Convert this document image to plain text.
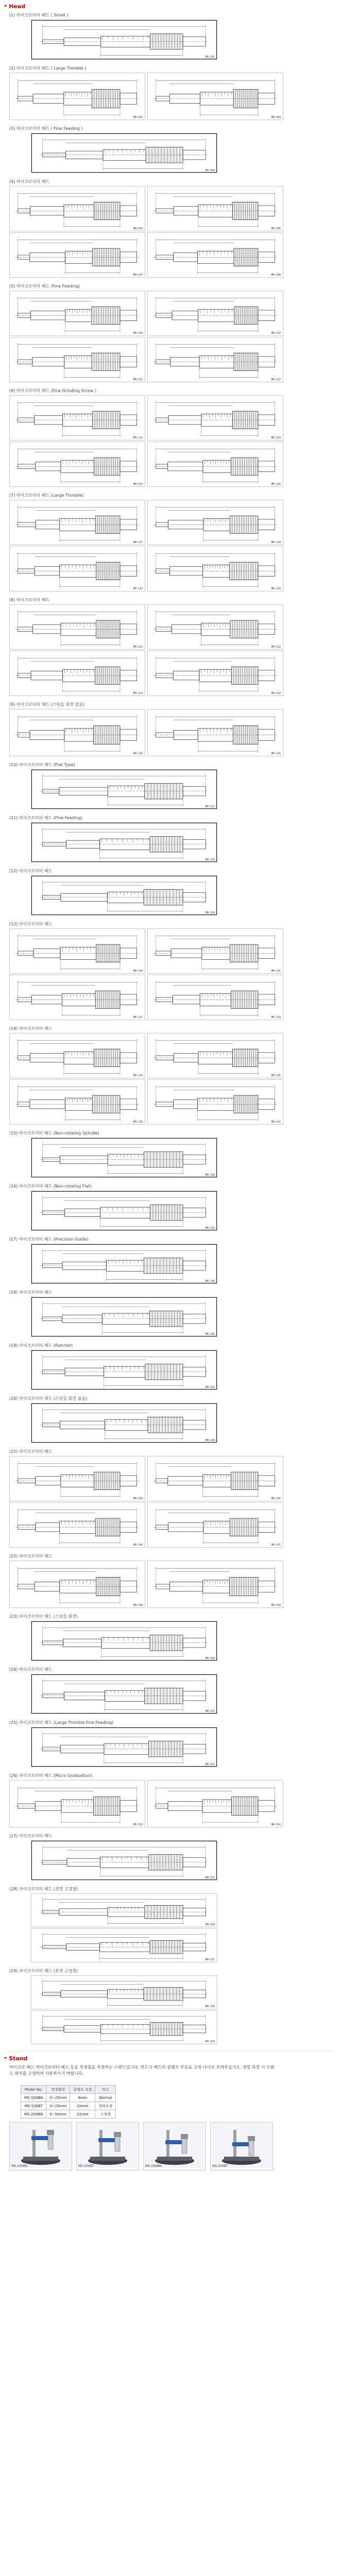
* Head
(1) 마이크로미터 헤드 ( Small )
MH-101
(2) 마이크로미터 헤드 ( Large Thimble )
MH-102	MH-103
(3) 마이크로미터 헤드 ( Fine Feeding )
MH-104
(4) 마이크로미터 헤드
MH-105	MH-106
MH-107	MH-108
(5) 마이크로미터 헤드 (Fine Feeding)
MH-109	MH-110
MH-111	MH-112
(6) 마이크로미터 헤드 (Fine Grinding Screw )
MH-113	MH-114
MH-115	MH-116
(7) 마이크로미터 헤드 (Large Thimble)
MH-117	MH-118
MH-119	MH-120
(8) 마이크로미터 헤드
MH-121	MH-122
MH-123	MH-124
(9) 마이크로미터 헤드 (스핀들 회전 없음)
MH-125	MH-126
(10) 마이크로미터 헤드 (Flat Type)
MH-127
(11) 마이크로미터 헤드 (Fine Feeding)
MH-128
(12) 마이크로미터 헤드
MH-129
(13) 마이크로미터 헤드
MH-130	MH-131
MH-132	MH-133
(14) 마이크로미터 헤드
MH-134	MH-135
MH-136	MH-137
(15) 마이크로미터 헤드 (Non-rotating Spindle)
MH-138
(16) 마이크로미터 헤드 (Non-rotating Flat)
MH-139
(17) 마이크로미터 헤드 (Precision Guide)
MH-140
(18) 마이크로미터 헤드
MH-141
(19) 마이크로미터 헤드 (Ratchet)
MH-142
(20) 마이크로미터 헤드 (스핀들 회전 없음)
MH-143
(21) 마이크로미터 헤드
MH-144	MH-145
MH-146	MH-147
(22) 마이크로미터 헤드
MH-148	MH-149
(23) 마이크로미터 헤드 (스핀들 회전)
MH-150
(24) 마이크로미터 헤드
MH-151
(25) 마이크로미터 헤드 (Large Thimble Fine Feeding)
MH-152
(26) 마이크로미터 헤드 (Micro Graduation)
MH-153	MH-154
(27) 마이크로미터 헤드
MH-155
(28) 마이크로미터 헤드 (전면 고정형)
MH-156
MH-157
(29) 마이크로미터 헤드 (후면 고정형)
MH-158
MH-159
* Stand
마이크로 헤드 마이크로미터 헤드 등을 측정물을 측정하는 스탠드입니다. 반드시 헤드의 클램프 부분을 고정 나사로 조여주십시오. 정밀 측정 시 스탠드 위치를 고정하여 사용하시기 바랍니다.
Model No.	측정범위	클램프 직경	비고
MS-100BN	0~25mm	8mm	Normal
MS-100BT	0~25mm	10mm	상하조정
MS-200BN	0~50mm	12mm	고정형
MS-100BN	MS-100BT	MS-200BN	MS-200BT
